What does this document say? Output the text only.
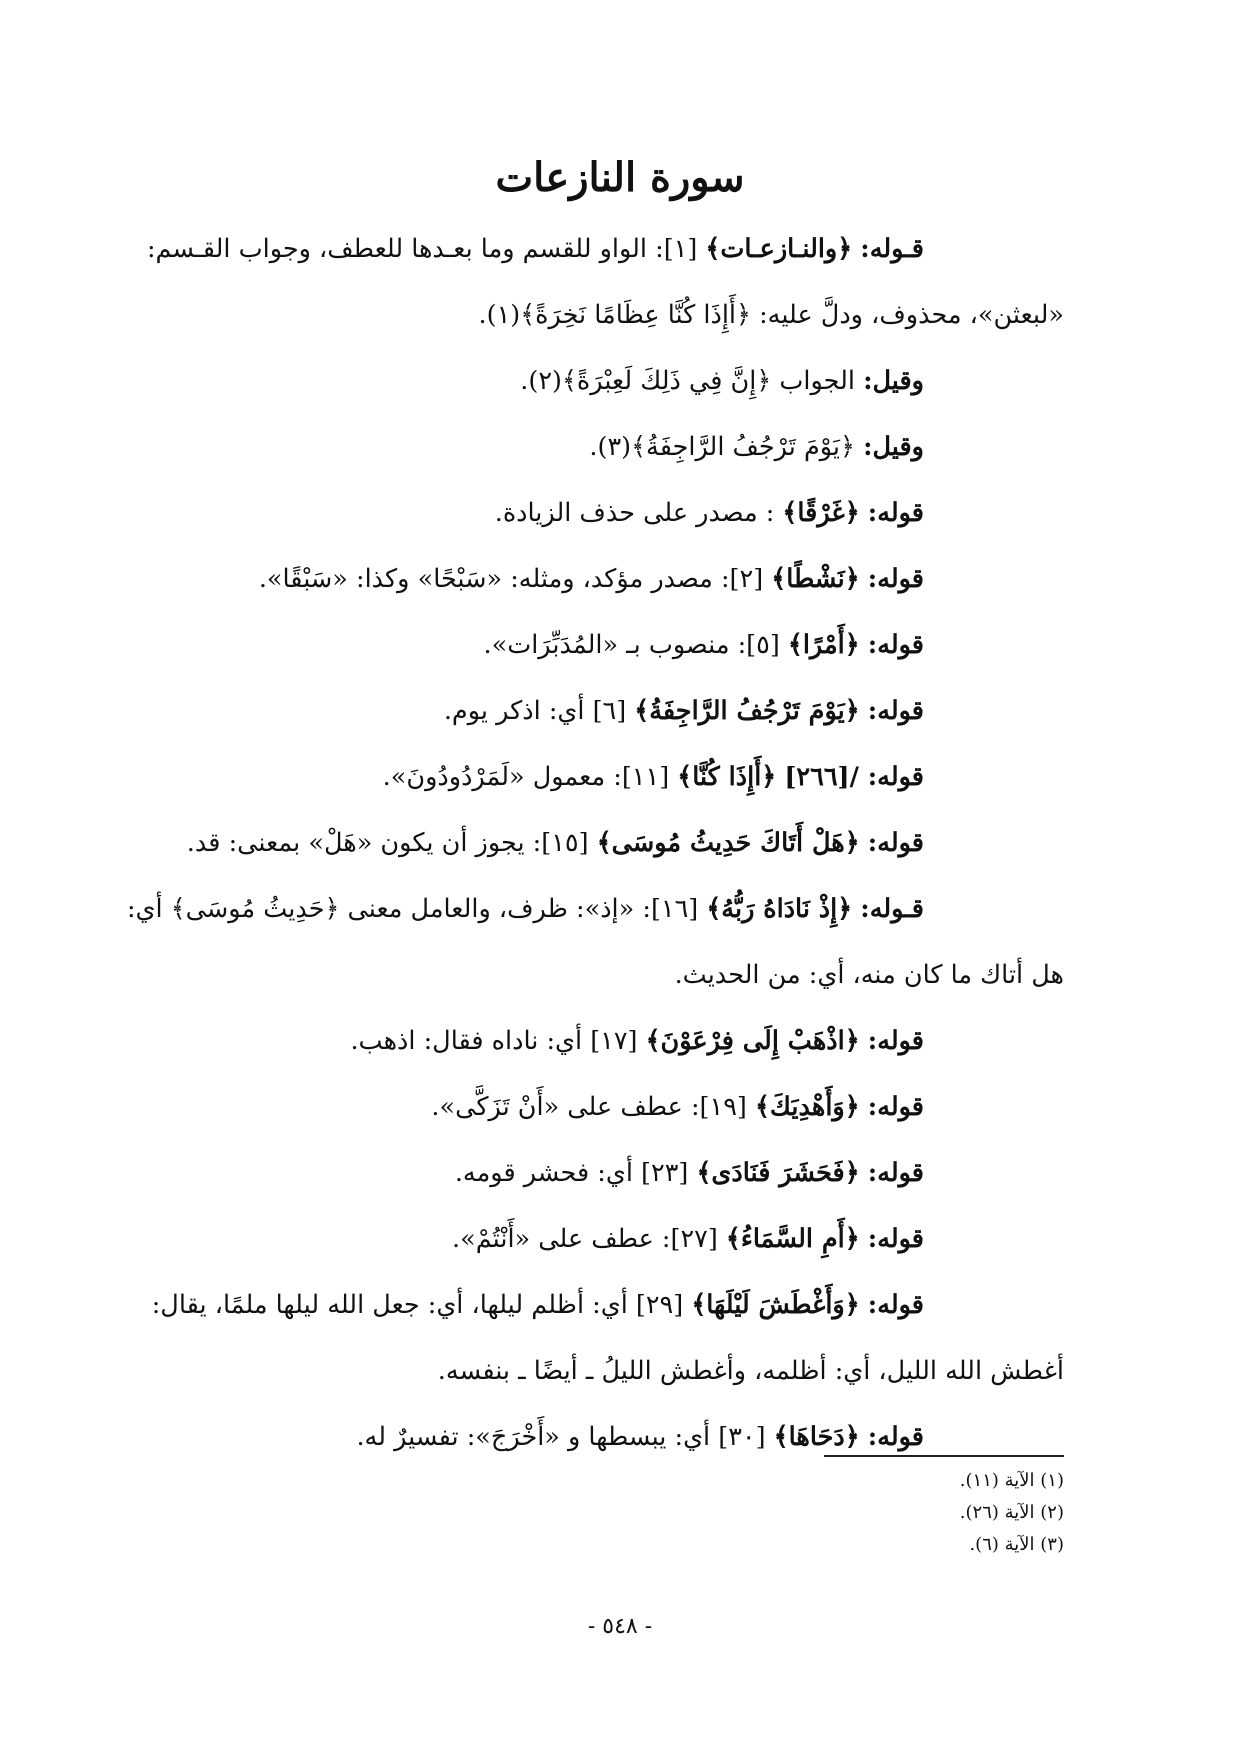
سورة النازعات
قـوله: ﴿والنـازعـات﴾ [١]: الواو للقسم وما بعـدها للعطف، وجواب القـسم:
«لبعثن»، محذوف، ودلَّ عليه: ﴿أَإِذَا كُنَّا عِظَامًا نَخِرَةً﴾(١).
وقيل: الجواب ﴿إِنَّ فِي ذَلِكَ لَعِبْرَةً﴾(٢).
وقيل: ﴿يَوْمَ تَرْجُفُ الرَّاجِفَةُ﴾(٣).
قوله: ﴿غَرْقًا﴾ : مصدر على حذف الزيادة.
قوله: ﴿نَشْطًا﴾ [٢]: مصدر مؤكد، ومثله: «سَبْحًا» وكذا: «سَبْقًا».
قوله: ﴿أَمْرًا﴾ [٥]: منصوب بـ «المُدَبِّرَات».
قوله: ﴿يَوْمَ تَرْجُفُ الرَّاجِفَةُ﴾ [٦] أي: اذكر يوم.
قوله: /[٢٦٦] ﴿أَإِذَا كُنَّا﴾ [١١]: معمول «لَمَرْدُودُونَ».
قوله: ﴿هَلْ أَتَاكَ حَدِيثُ مُوسَى﴾ [١٥]: يجوز أن يكون «هَلْ» بمعنى: قد.
قـوله: ﴿إِذْ نَادَاهُ رَبُّهُ﴾ [١٦]: «إذ»: ظرف، والعامل معنى ﴿حَدِيثُ مُوسَى﴾ أي:
هل أتاك ما كان منه، أي: من الحديث.
قوله: ﴿اذْهَبْ إِلَى فِرْعَوْنَ﴾ [١٧] أي: ناداه فقال: اذهب.
قوله: ﴿وَأَهْدِيَكَ﴾ [١٩]: عطف على «أَنْ تَزَكَّى».
قوله: ﴿فَحَشَرَ فَنَادَى﴾ [٢٣] أي: فحشر قومه.
قوله: ﴿أَمِ السَّمَاءُ﴾ [٢٧]: عطف على «أَنْتُمْ».
قوله: ﴿وَأَغْطَشَ لَيْلَهَا﴾ [٢٩] أي: أظلم ليلها، أي: جعل الله ليلها ملمًا، يقال:
أغطش الله الليل، أي: أظلمه، وأغطش الليلُ ـ أيضًا ـ بنفسه.
قوله: ﴿دَحَاهَا﴾ [٣٠] أي: يبسطها و «أَخْرَجَ»: تفسيرٌ له.
(١) الآية (١١).
(٢) الآية (٢٦).
(٣) الآية (٦).
- ٥٤٨ -
